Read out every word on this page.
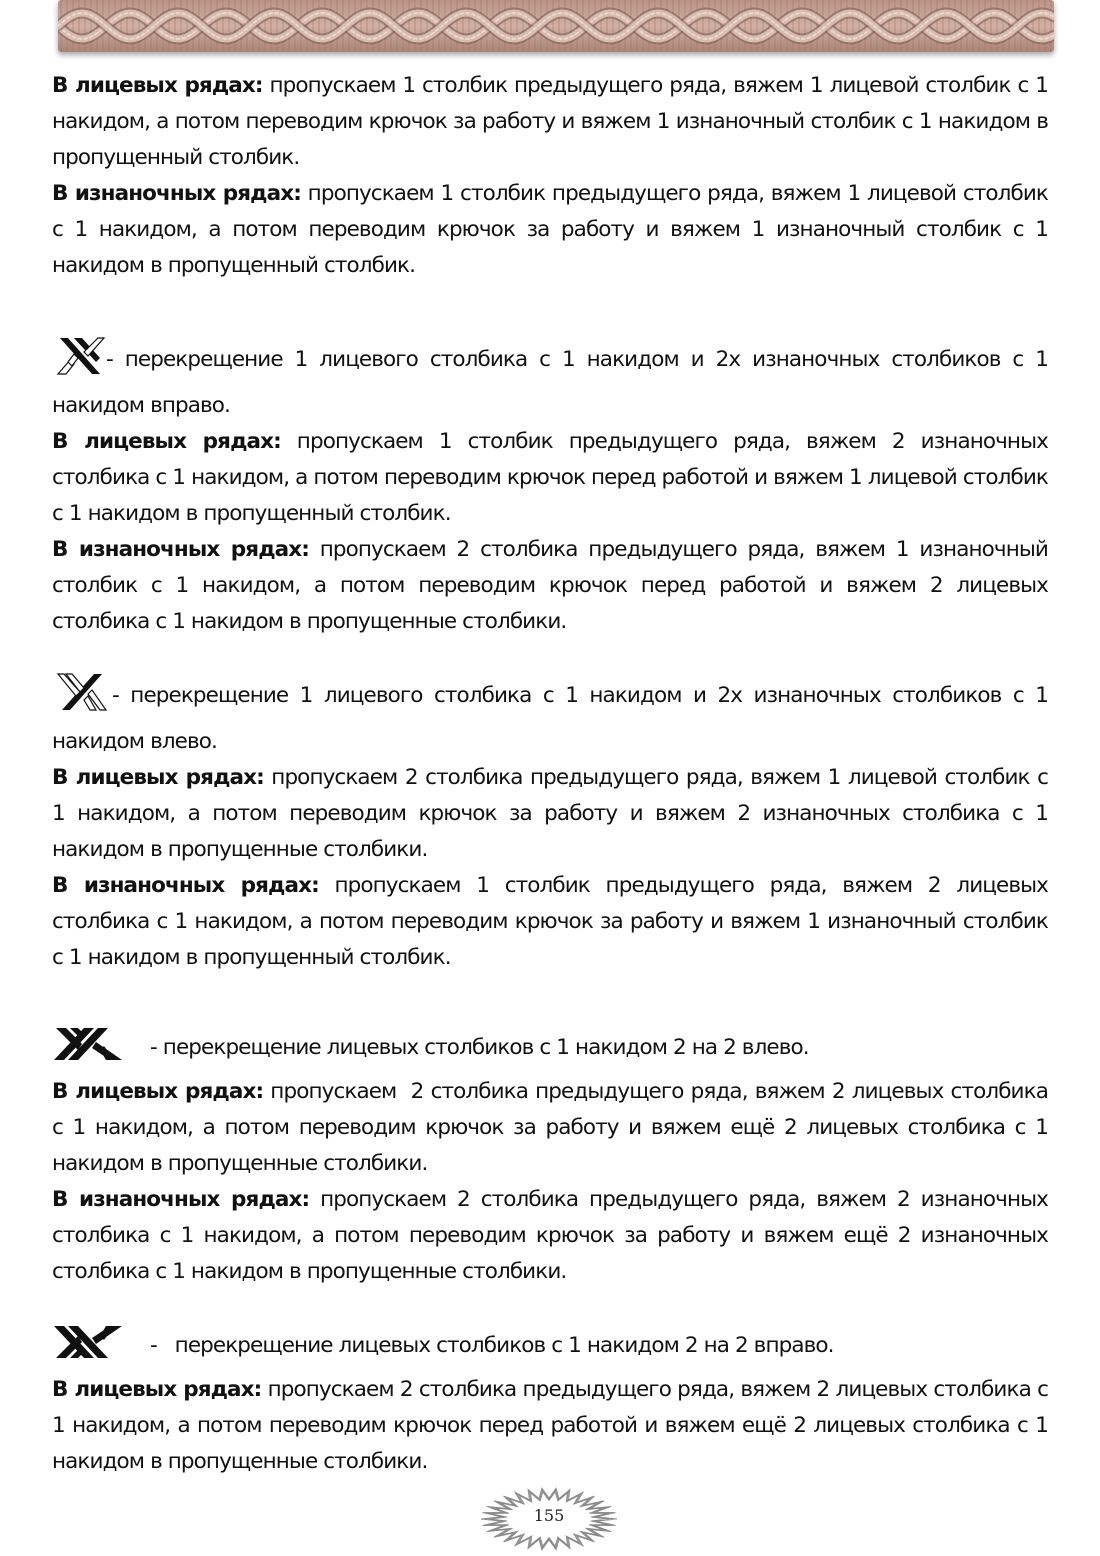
В лицевых рядах: пропускаем 1 столбик предыдущего ряда, вяжем 1 лицевой столбик с 1 накидом, а потом переводим крючок за работу и вяжем 1 изнаночный столбик с 1 накидом в пропущенный столбик.

В изнаночных рядах: пропускаем 1 столбик предыдущего ряда, вяжем 1 лицевой столбик с 1 накидом, а потом переводим крючок за работу и вяжем 1 изнаночный столбик с 1 накидом в пропущенный столбик.

- перекрещение 1 лицевого столбика с 1 накидом и 2х изнаночных столбиков с 1 накидом вправо.

В лицевых рядах: пропускаем 1 столбик предыдущего ряда, вяжем 2 изнаночных столбика с 1 накидом, а потом переводим крючок перед работой и вяжем 1 лицевой столбик с 1 накидом в пропущенный столбик.

В изнаночных рядах: пропускаем 2 столбика предыдущего ряда, вяжем 1 изнаночный столбик с 1 накидом, а потом переводим крючок перед работой и вяжем 2 лицевых столбика с 1 накидом в пропущенные столбики.

- перекрещение 1 лицевого столбика с 1 накидом и 2х изнаночных столбиков с 1 накидом влево.

В лицевых рядах: пропускаем 2 столбика предыдущего ряда, вяжем 1 лицевой столбик с 1 накидом, а потом переводим крючок за работу и вяжем 2 изнаночных столбика с 1 накидом в пропущенные столбики.

В изнаночных рядах: пропускаем 1 столбик предыдущего ряда, вяжем 2 лицевых столбика с 1 накидом, а потом переводим крючок за работу и вяжем 1 изнаночный столбик с 1 накидом в пропущенный столбик.

- перекрещение лицевых столбиков с 1 накидом 2 на 2 влево.

В лицевых рядах: пропускаем  2 столбика предыдущего ряда, вяжем 2 лицевых столбика с 1 накидом, а потом переводим крючок за работу и вяжем ещё 2 лицевых столбика с 1 накидом в пропущенные столбики.

В изнаночных рядах: пропускаем 2 столбика предыдущего ряда, вяжем 2 изнаночных столбика с 1 накидом, а потом переводим крючок за работу и вяжем ещё 2 изнаночных столбика с 1 накидом в пропущенные столбики.

-   перекрещение лицевых столбиков с 1 накидом 2 на 2 вправо.

В лицевых рядах: пропускаем 2 столбика предыдущего ряда, вяжем 2 лицевых столбика с 1 накидом, а потом переводим крючок перед работой и вяжем ещё 2 лицевых столбика с 1 накидом в пропущенные столбики.

155
